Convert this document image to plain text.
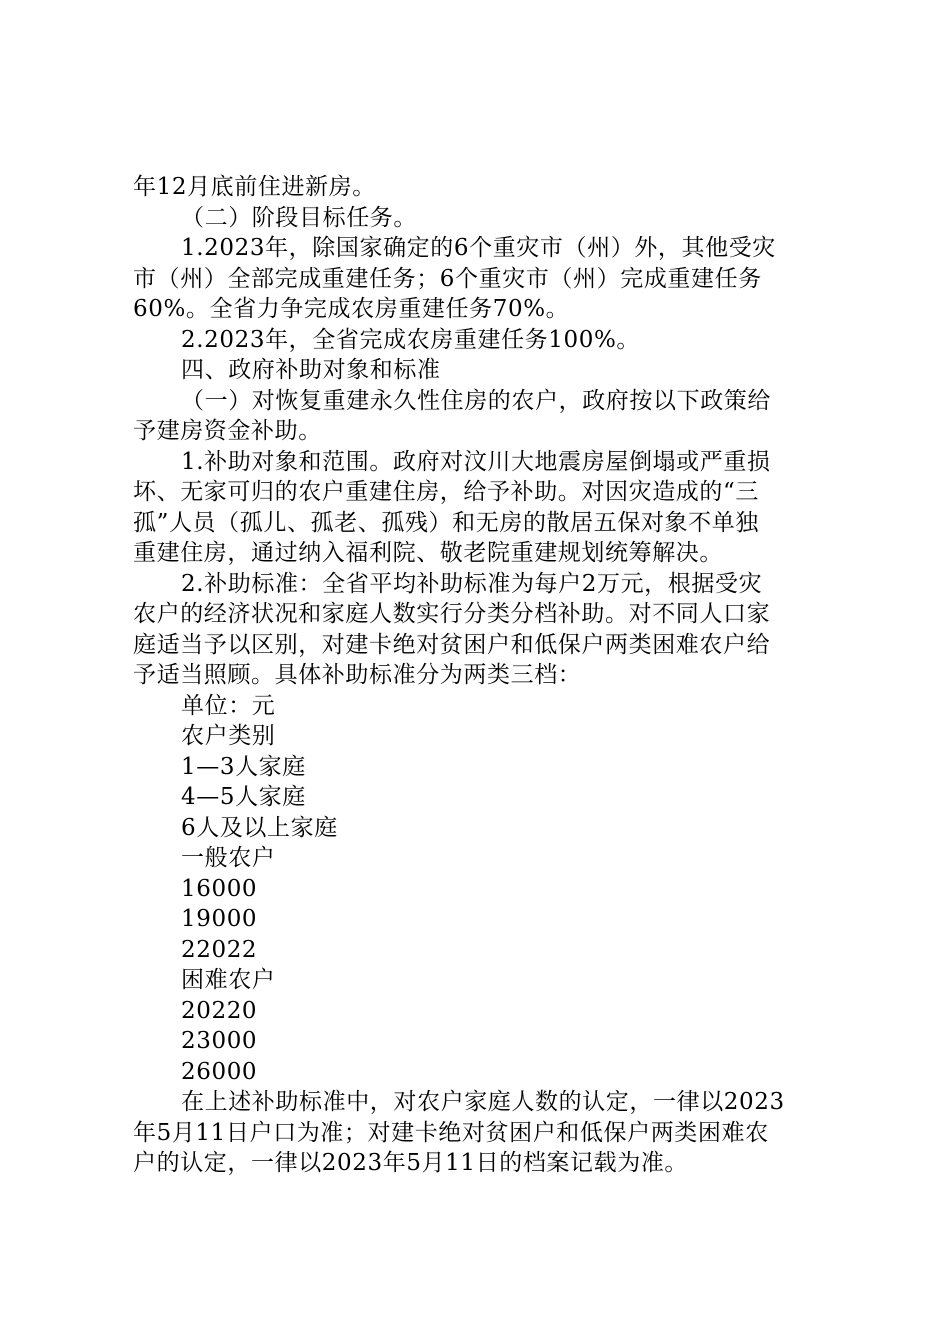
年12月底前住进新房。
（二）阶段目标任务。
1.2023年，除国家确定的6个重灾市（州）外，其他受灾
市（州）全部完成重建任务；6个重灾市（州）完成重建任务
60%。全省力争完成农房重建任务70%。
2.2023年，全省完成农房重建任务100%。
四、政府补助对象和标准
（一）对恢复重建永久性住房的农户，政府按以下政策给
予建房资金补助。
1.补助对象和范围。政府对汶川大地震房屋倒塌或严重损
坏、无家可归的农户重建住房，给予补助。对因灾造成的“三
孤”人员（孤儿、孤老、孤残）和无房的散居五保对象不单独
重建住房，通过纳入福利院、敬老院重建规划统筹解决。
2.补助标准：全省平均补助标准为每户2万元，根据受灾
农户的经济状况和家庭人数实行分类分档补助。对不同人口家
庭适当予以区别，对建卡绝对贫困户和低保户两类困难农户给
予适当照顾。具体补助标准分为两类三档：
单位：元
农户类别
1—3人家庭
4—5人家庭
6人及以上家庭
一般农户
16000
19000
22022
困难农户
20220
23000
26000
在上述补助标准中，对农户家庭人数的认定，一律以2023
年5月11日户口为准；对建卡绝对贫困户和低保户两类困难农
户的认定，一律以2023年5月11日的档案记载为准。
